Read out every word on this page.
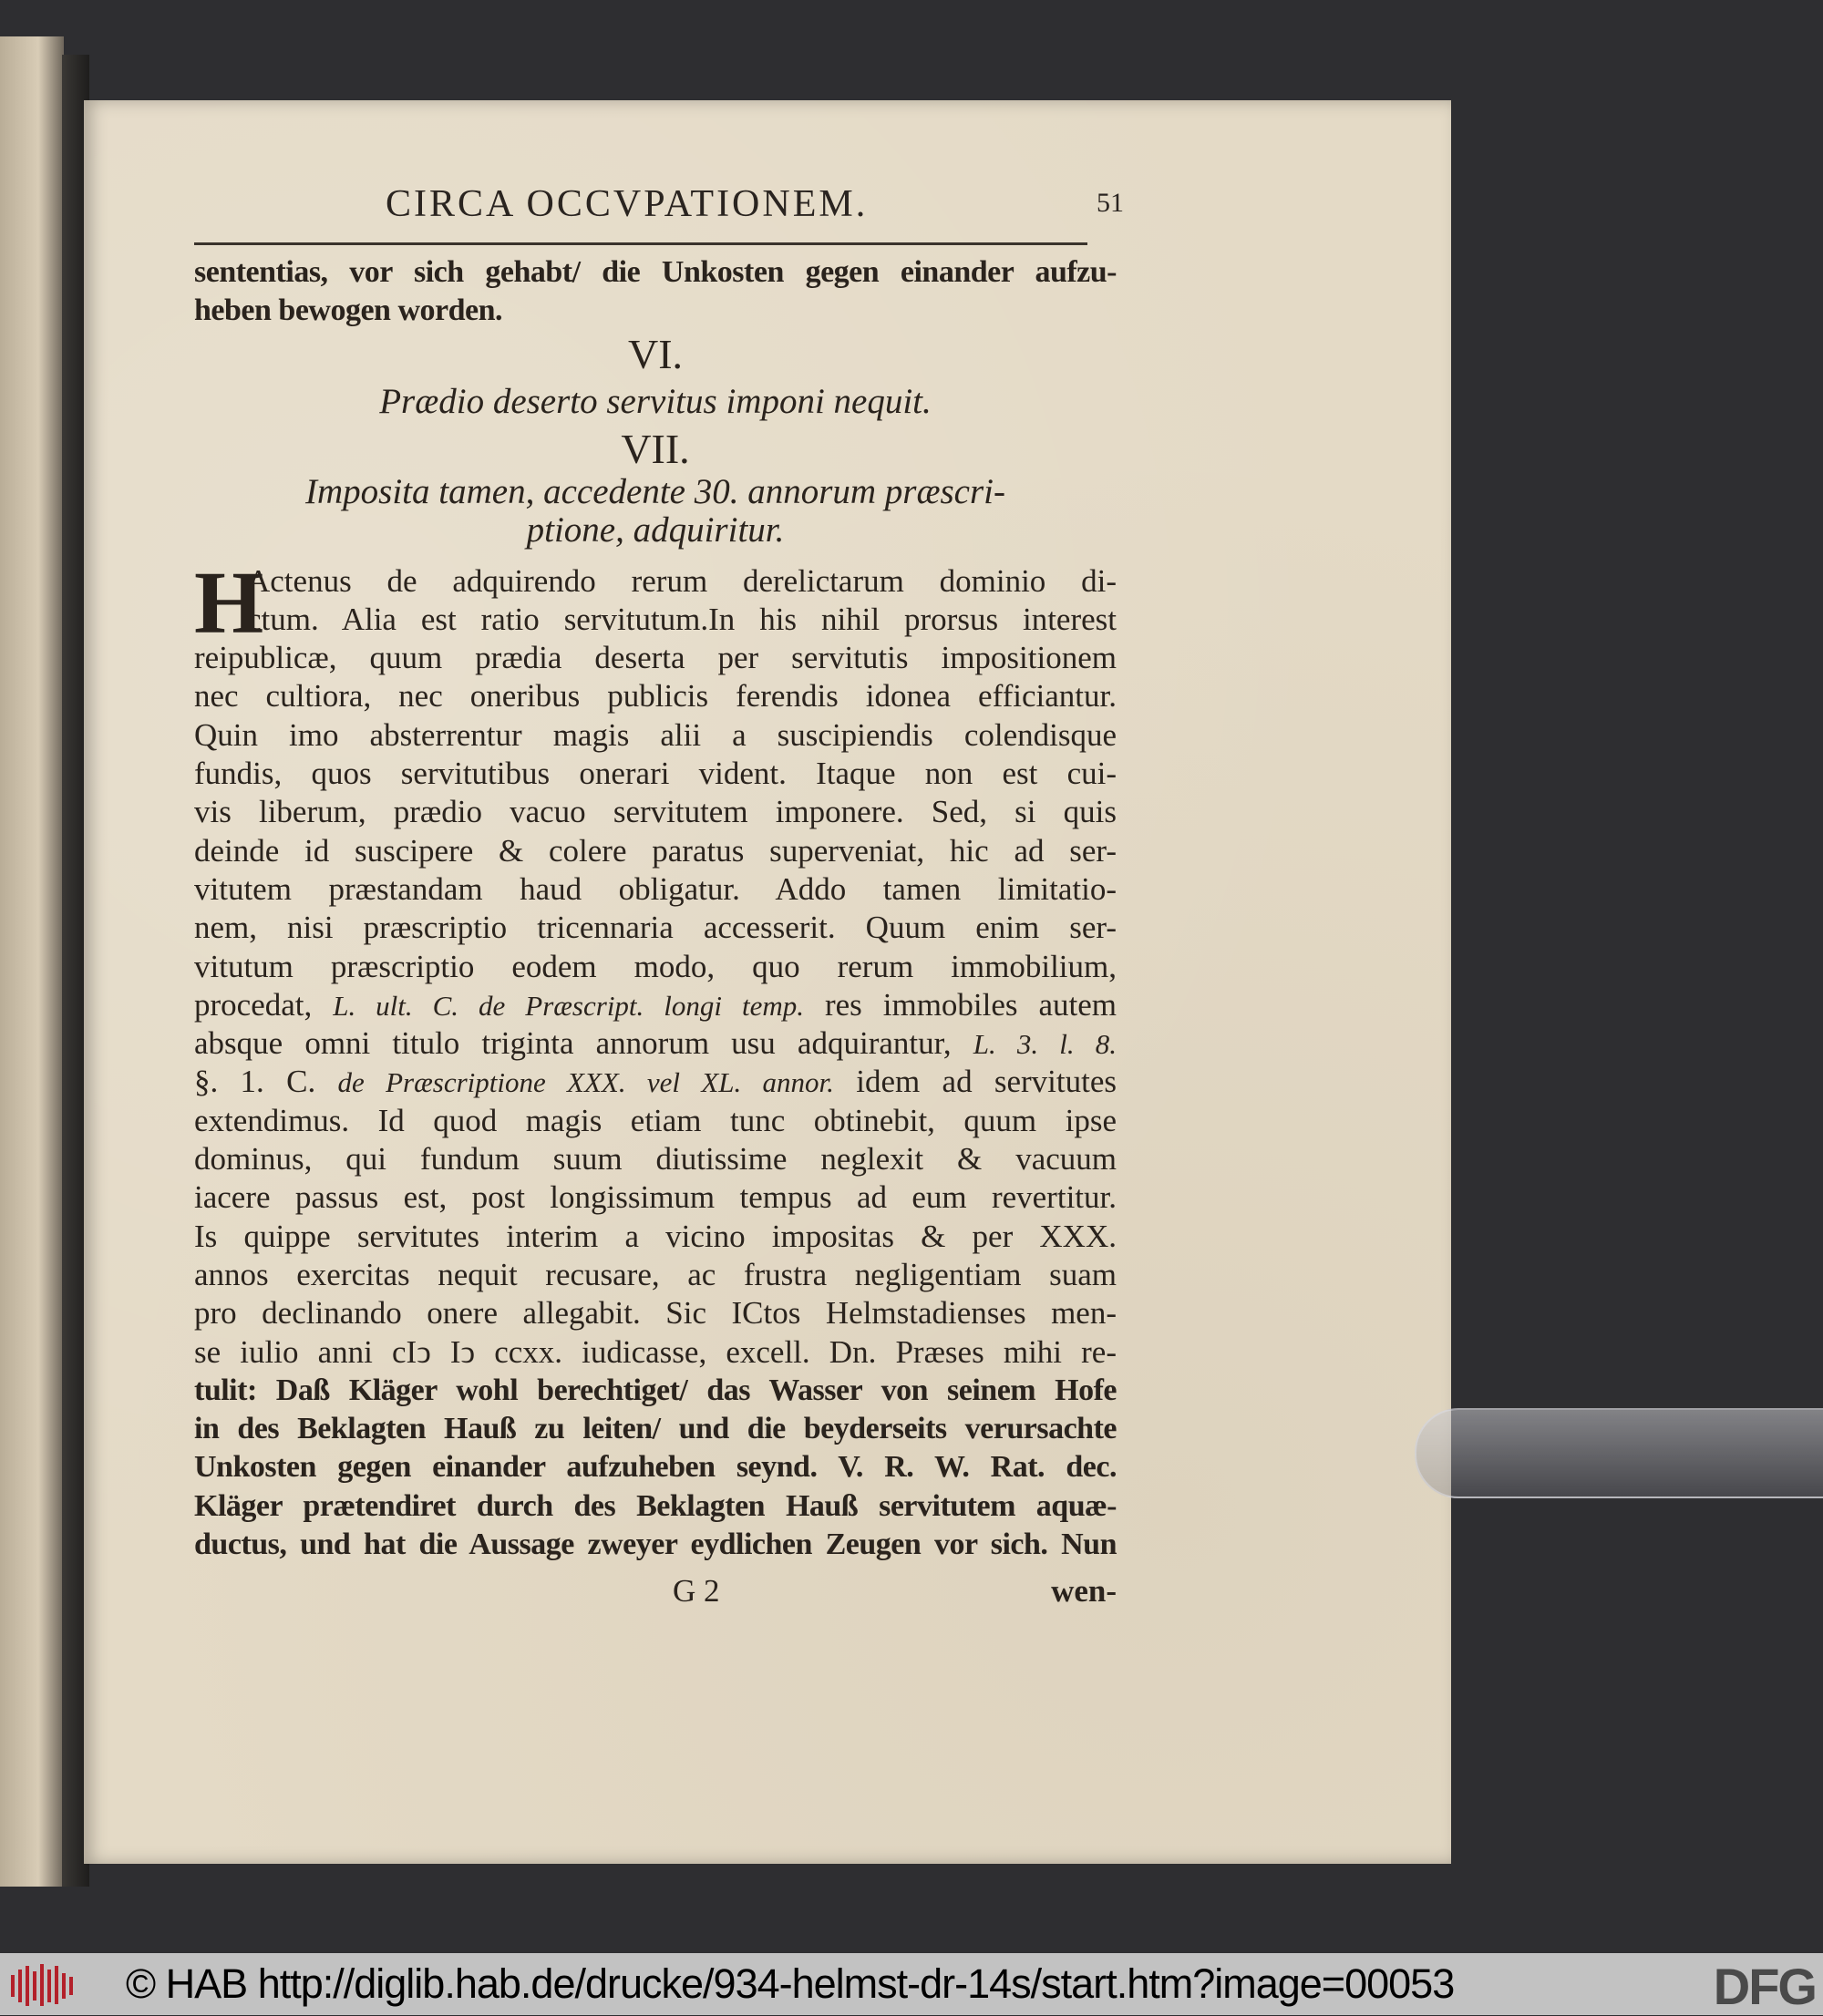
CIRCA OCCVPATIONEM.	51
sententias, vor sich gehabt/ die Unkosten gegen einander aufzu-
heben bewogen worden.
VI.
Prædio deserto servitus imponi nequit.
VII.
Imposita tamen, accedente 30. annorum præscri-
ptione, adquiritur.
H
Actenus de adquirendo rerum derelictarum dominio di-
ctum. Alia est ratio servitutum.In his nihil prorsus interest
reipublicæ, quum prædia deserta per servitutis impositionem
nec cultiora, nec oneribus publicis ferendis idonea efficiantur.
Quin imo absterrentur magis alii a suscipiendis colendisque
fundis, quos servitutibus onerari vident. Itaque non est cui-
vis liberum, prædio vacuo servitutem imponere. Sed, si quis
deinde id suscipere & colere paratus superveniat, hic ad ser-
vitutem præstandam haud obligatur. Addo tamen limitatio-
nem, nisi præscriptio tricennaria accesserit. Quum enim ser-
vitutum præscriptio eodem modo, quo rerum immobilium,
procedat, L. ult. C. de Præscript. longi temp. res immobiles autem
absque omni titulo triginta annorum usu adquirantur, L. 3. l. 8.
§. 1. C. de Præscriptione XXX. vel XL. annor. idem ad servitutes
extendimus. Id quod magis etiam tunc obtinebit, quum ipse
dominus, qui fundum suum diutissime neglexit & vacuum
iacere passus est, post longissimum tempus ad eum revertitur.
Is quippe servitutes interim a vicino impositas & per XXX.
annos exercitas nequit recusare, ac frustra negligentiam suam
pro declinando onere allegabit. Sic ICtos Helmstadienses men-
se iulio anni cIↄ Iↄ ccxx. iudicasse, excell. Dn. Præses mihi re-
tulit: Daß Kläger wohl berechtiget/ das Wasser von seinem Hofe
in des Beklagten Hauß zu leiten/ und die beyderseits verursachte
Unkosten gegen einander aufzuheben seynd. V. R. W. Rat. dec.
Kläger prætendiret durch des Beklagten Hauß servitutem aquæ-
ductus, und hat die Aussage zweyer eydlichen Zeugen vor sich. Nun
G 2	wen-
© HAB http://diglib.hab.de/drucke/934-helmst-dr-14s/start.htm?image=00053	DFG
